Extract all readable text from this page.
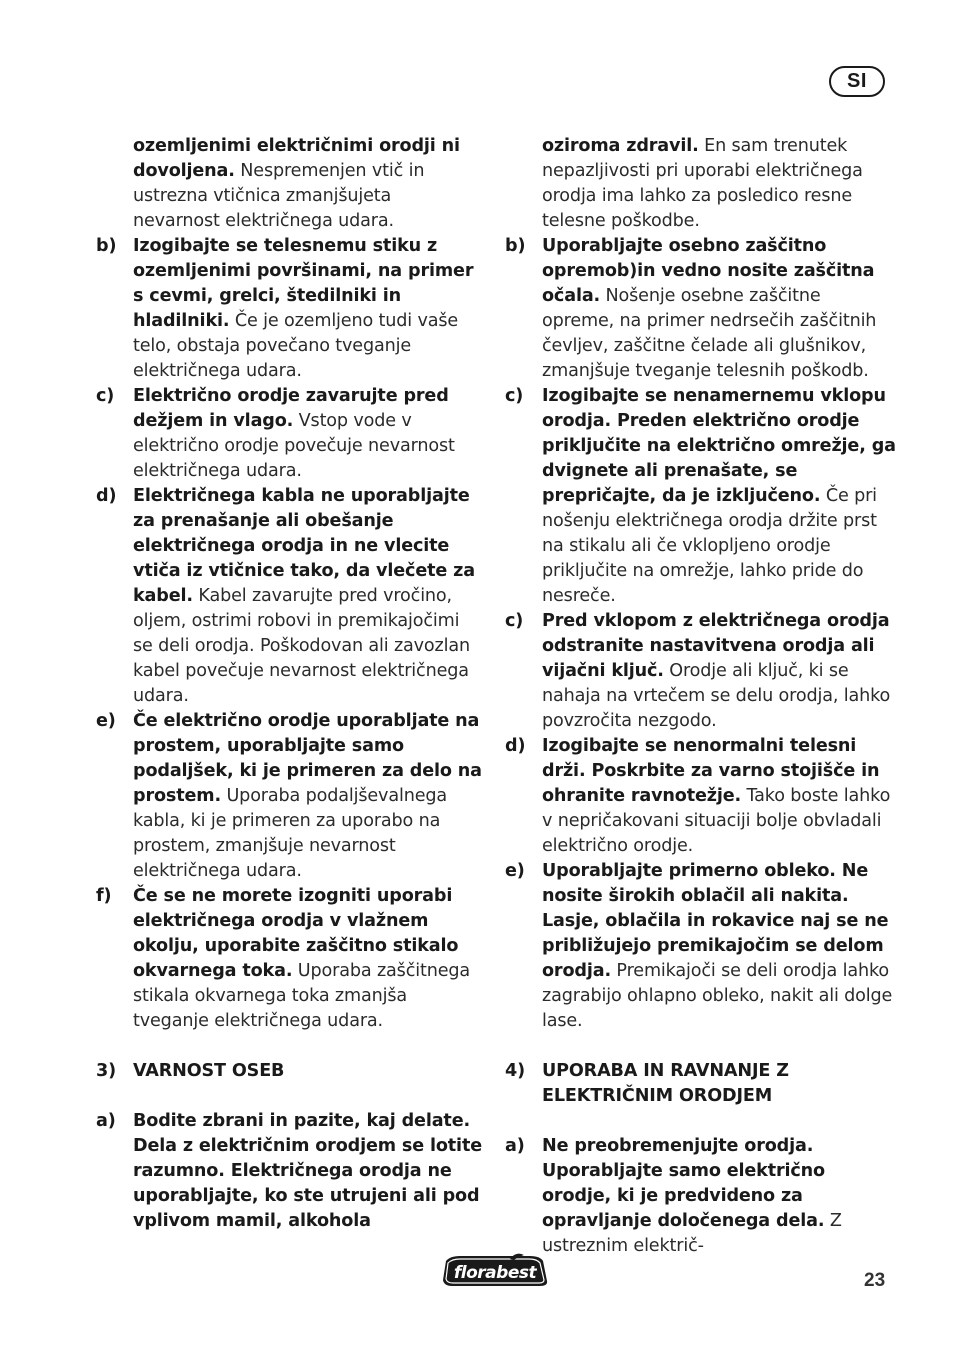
SI
ozemljenimi električnimi orodji ni dovoljena. Nespremenjen vtič in ustrezna vtičnica zmanjšujeta nevarnost električnega udara.
b) Izogibajte se telesnemu stiku z ozemljenimi površinami, na primer s cevmi, grelci, štedilniki in hladilniki. Če je ozemljeno tudi vaše telo, obstaja povečano tveganje električnega udara.
c) Električno orodje zavarujte pred dežjem in vlago. Vstop vode v električno orodje povečuje nevarnost električnega udara.
d) Električnega kabla ne uporabljajte za prenašanje ali obešanje električnega orodja in ne vlecite vtiča iz vtičnice tako, da vlečete za kabel. Kabel zavarujte pred vročino, oljem, ostrimi robovi in premikajočimi se deli orodja. Poškodovan ali zavozlan kabel povečuje nevarnost električnega udara.
e) Če električno orodje uporabljate na prostem, uporabljajte samo podaljšek, ki je primeren za delo na prostem. Uporaba podaljševalnega kabla, ki je primeren za uporabo na prostem, zmanjšuje nevarnost električnega udara.
f) Če se ne morete izogniti uporabi električnega orodja v vlažnem okolju, uporabite zaščitno stikalo okvarnega toka. Uporaba zaščitnega stikala okvarnega toka zmanjša tveganje električnega udara.
3) VARNOST OSEB
a) Bodite zbrani in pazite, kaj delate. Dela z električnim orodjem se lotite razumno. Električnega orodja ne uporabljajte, ko ste utrujeni ali pod vplivom mamil, alkohola
oziroma zdravil. En sam trenutek nepazljivosti pri uporabi električnega orodja ima lahko za posledico resne telesne poškodbe.
b) Uporabljajte osebno zaščitno opremob)in vedno nosite zaščitna očala. Nošenje osebne zaščitne opreme, na primer nedrsečih zaščitnih čevljev, zaščitne čelade ali glušnikov, zmanjšuje tveganje telesnih poškodb.
c) Izogibajte se nenamernemu vklopu orodja. Preden električno orodje priključite na električno omrežje, ga dvignete ali prenašate, se prepričajte, da je izključeno. Če pri nošenju električnega orodja držite prst na stikalu ali če vklopljeno orodje priključite na omrežje, lahko pride do nesreče.
c) Pred vklopom z električnega orodja odstranite nastavitvena orodja ali vijačni ključ. Orodje ali ključ, ki se nahaja na vrtečem se delu orodja, lahko povzročita nezgodo.
d) Izogibajte se nenormalni telesni drži. Poskrbite za varno stojišče in ohranite ravnotežje. Tako boste lahko v nepričakovani situaciji bolje obvladali električno orodje.
e) Uporabljajte primerno obleko. Ne nosite širokih oblačil ali nakita. Lasje, oblačila in rokavice naj se ne približujejo premikajočim se delom orodja. Premikajoči se deli orodja lahko zagrabijo ohlapno obleko, nakit ali dolge lase.
4) UPORABA IN RAVNANJE Z ELEKTRIČNIM ORODJEM
a) Ne preobremenjujte orodja. Uporabljajte samo električno orodje, ki je predvideno za opravljanje določenega dela. Z ustreznim električ-
florabest	23
